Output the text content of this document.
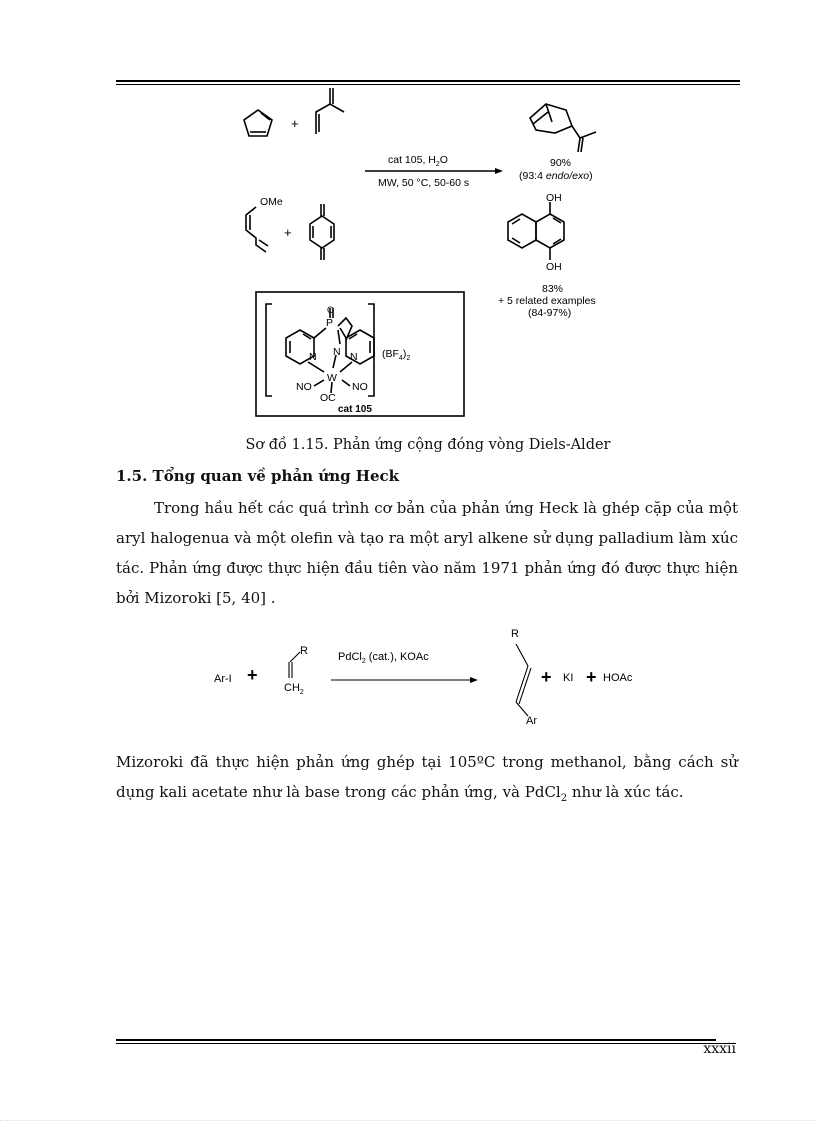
+
+
cat 105, $H_2O$
MW, 50 °C, 50-60 s
90%
(93:4 endo/exo)
OMe	OH
OH
83%
+ 5 related examples
(84-97%)
P
O
N	N
N
W
NO	NO
OC
$(BF_4)_2$
cat 105
Sơ đồ 1.15. Phản ứng cộng đóng vòng Diels-Alder
1.5. Tổng quan về phản ứng Heck

Trong hầu hết các quá trình cơ bản của phản ứng Heck là ghép cặp của một aryl halogenua và một olefin và tạo ra một aryl alkene sử dụng palladium làm xúc tác. Phản ứng được thực hiện đầu tiên vào năm 1971 phản ứng đó được thực hiện bởi Mizoroki [5, 40] .

Ar-I +
R
$CH_2$
PdCl$_2$ (cat.), KOAc
R
Ar
+ KI + HOAc

Mizoroki đã thực hiện phản ứng ghép tại 105ºC trong methanol, bằng cách sử dụng kali acetate như là base trong các phản ứng, và PdCl$_2$ như là xúc tác.

xxxii
